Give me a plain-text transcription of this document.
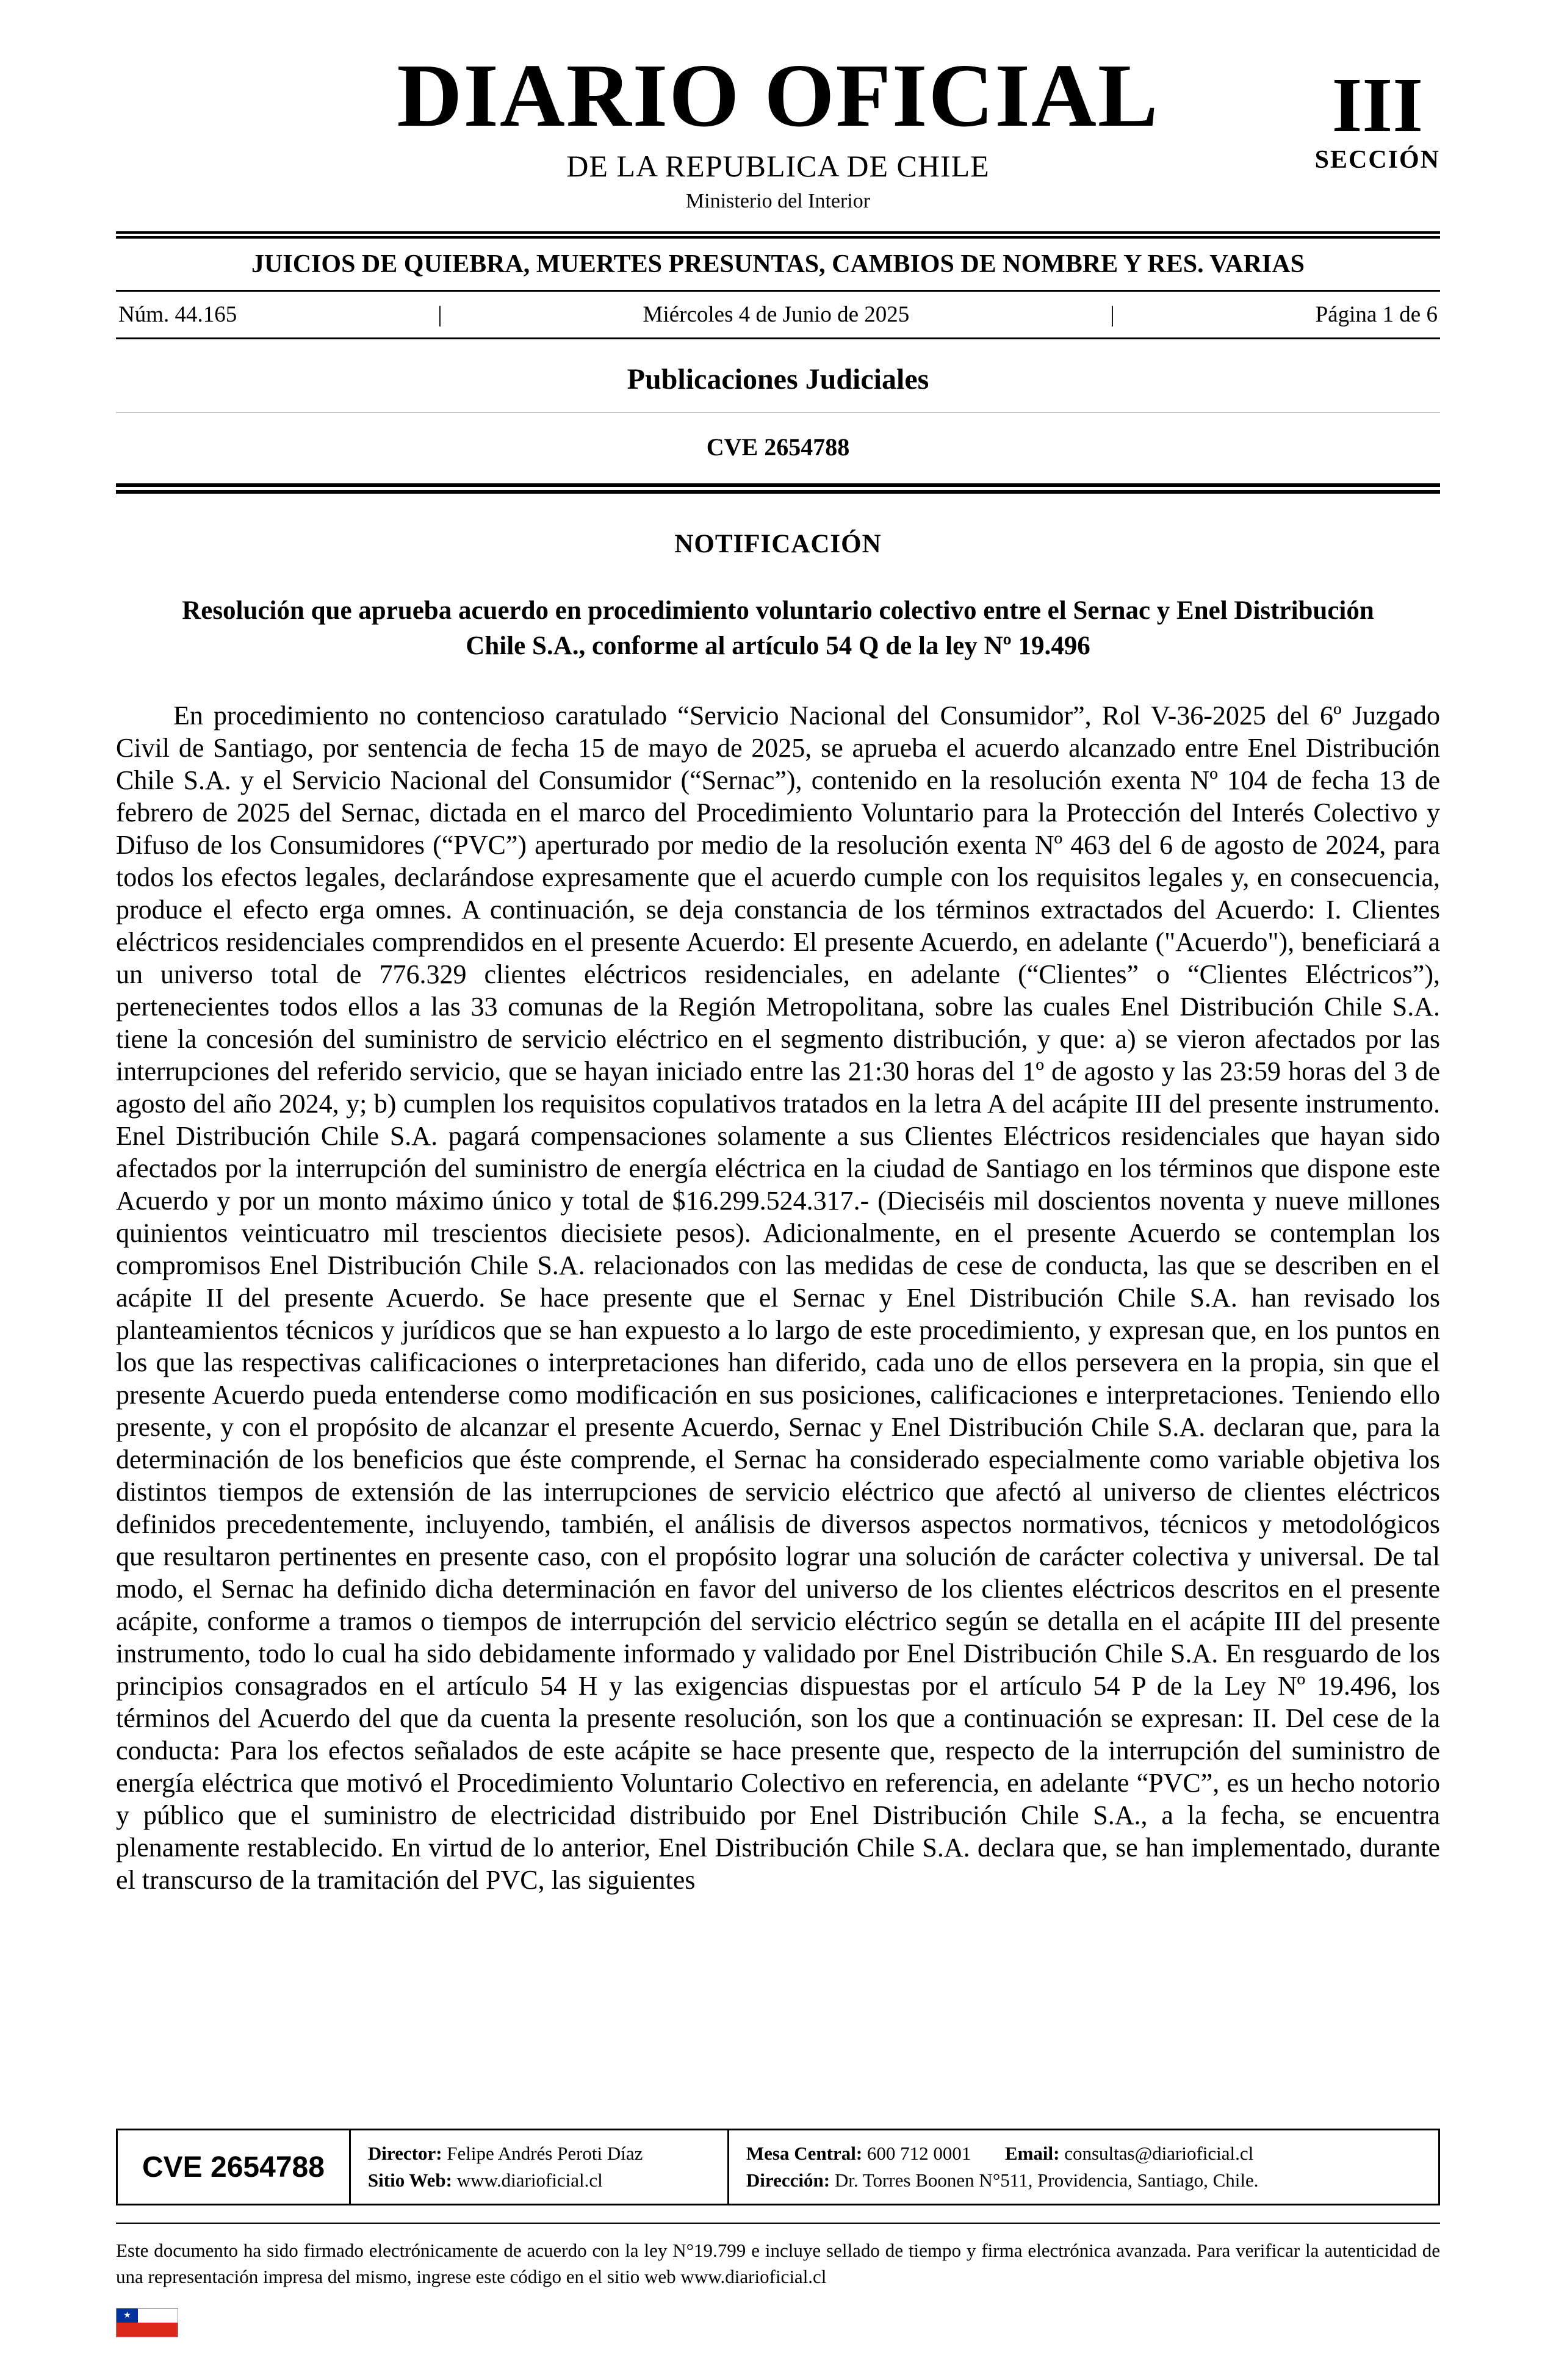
DIARIO OFICIAL
DE LA REPUBLICA DE CHILE
Ministerio del Interior
III
SECCIÓN
JUICIOS DE QUIEBRA, MUERTES PRESUNTAS, CAMBIOS DE NOMBRE Y RES. VARIAS
Núm. 44.165	|	Miércoles 4 de Junio de 2025	|	Página 1 de 6
Publicaciones Judiciales
CVE 2654788
NOTIFICACIÓN
Resolución que aprueba acuerdo en procedimiento voluntario colectivo entre el Sernac y Enel Distribución Chile S.A., conforme al artículo 54 Q de la ley Nº 19.496

En procedimiento no contencioso caratulado “Servicio Nacional del Consumidor”, Rol V-36-2025 del 6º Juzgado Civil de Santiago, por sentencia de fecha 15 de mayo de 2025, se aprueba el acuerdo alcanzado entre Enel Distribución Chile S.A. y el Servicio Nacional del Consumidor (“Sernac”), contenido en la resolución exenta Nº 104 de fecha 13 de febrero de 2025 del Sernac, dictada en el marco del Procedimiento Voluntario para la Protección del Interés Colectivo y Difuso de los Consumidores (“PVC”) aperturado por medio de la resolución exenta Nº 463 del 6 de agosto de 2024, para todos los efectos legales, declarándose expresamente que el acuerdo cumple con los requisitos legales y, en consecuencia, produce el efecto erga omnes. A continuación, se deja constancia de los términos extractados del Acuerdo: I. Clientes eléctricos residenciales comprendidos en el presente Acuerdo: El presente Acuerdo, en adelante ("Acuerdo"), beneficiará a un universo total de 776.329 clientes eléctricos residenciales, en adelante (“Clientes” o “Clientes Eléctricos”), pertenecientes todos ellos a las 33 comunas de la Región Metropolitana, sobre las cuales Enel Distribución Chile S.A. tiene la concesión del suministro de servicio eléctrico en el segmento distribución, y que: a) se vieron afectados por las interrupciones del referido servicio, que se hayan iniciado entre las 21:30 horas del 1º de agosto y las 23:59 horas del 3 de agosto del año 2024, y; b) cumplen los requisitos copulativos tratados en la letra A del acápite III del presente instrumento. Enel Distribución Chile S.A. pagará compensaciones solamente a sus Clientes Eléctricos residenciales que hayan sido afectados por la interrupción del suministro de energía eléctrica en la ciudad de Santiago en los términos que dispone este Acuerdo y por un monto máximo único y total de $16.299.524.317.- (Dieciséis mil doscientos noventa y nueve millones quinientos veinticuatro mil trescientos diecisiete pesos). Adicionalmente, en el presente Acuerdo se contemplan los compromisos Enel Distribución Chile S.A. relacionados con las medidas de cese de conducta, las que se describen en el acápite II del presente Acuerdo. Se hace presente que el Sernac y Enel Distribución Chile S.A. han revisado los planteamientos técnicos y jurídicos que se han expuesto a lo largo de este procedimiento, y expresan que, en los puntos en los que las respectivas calificaciones o interpretaciones han diferido, cada uno de ellos persevera en la propia, sin que el presente Acuerdo pueda entenderse como modificación en sus posiciones, calificaciones e interpretaciones. Teniendo ello presente, y con el propósito de alcanzar el presente Acuerdo, Sernac y Enel Distribución Chile S.A. declaran que, para la determinación de los beneficios que éste comprende, el Sernac ha considerado especialmente como variable objetiva los distintos tiempos de extensión de las interrupciones de servicio eléctrico que afectó al universo de clientes eléctricos definidos precedentemente, incluyendo, también, el análisis de diversos aspectos normativos, técnicos y metodológicos que resultaron pertinentes en presente caso, con el propósito lograr una solución de carácter colectiva y universal. De tal modo, el Sernac ha definido dicha determinación en favor del universo de los clientes eléctricos descritos en el presente acápite, conforme a tramos o tiempos de interrupción del servicio eléctrico según se detalla en el acápite III del presente instrumento, todo lo cual ha sido debidamente informado y validado por Enel Distribución Chile S.A. En resguardo de los principios consagrados en el artículo 54 H y las exigencias dispuestas por el artículo 54 P de la Ley Nº 19.496, los términos del Acuerdo del que da cuenta la presente resolución, son los que a continuación se expresan: II. Del cese de la conducta: Para los efectos señalados de este acápite se hace presente que, respecto de la interrupción del suministro de energía eléctrica que motivó el Procedimiento Voluntario Colectivo en referencia, en adelante “PVC”, es un hecho notorio y público que el suministro de electricidad distribuido por Enel Distribución Chile S.A., a la fecha, se encuentra plenamente restablecido. En virtud de lo anterior, Enel Distribución Chile S.A. declara que, se han implementado, durante el transcurso de la tramitación del PVC, las siguientes

CVE 2654788	Director: Felipe Andrés Peroti Díaz
Sitio Web: www.diarioficial.cl
Mesa Central: 600 712 0001 Email: consultas@diarioficial.cl
Dirección: Dr. Torres Boonen N°511, Providencia, Santiago, Chile.

Este documento ha sido firmado electrónicamente de acuerdo con la ley N°19.799 e incluye sellado de tiempo y firma electrónica avanzada. Para verificar la autenticidad de una representación impresa del mismo, ingrese este código en el sitio web www.diarioficial.cl

★
